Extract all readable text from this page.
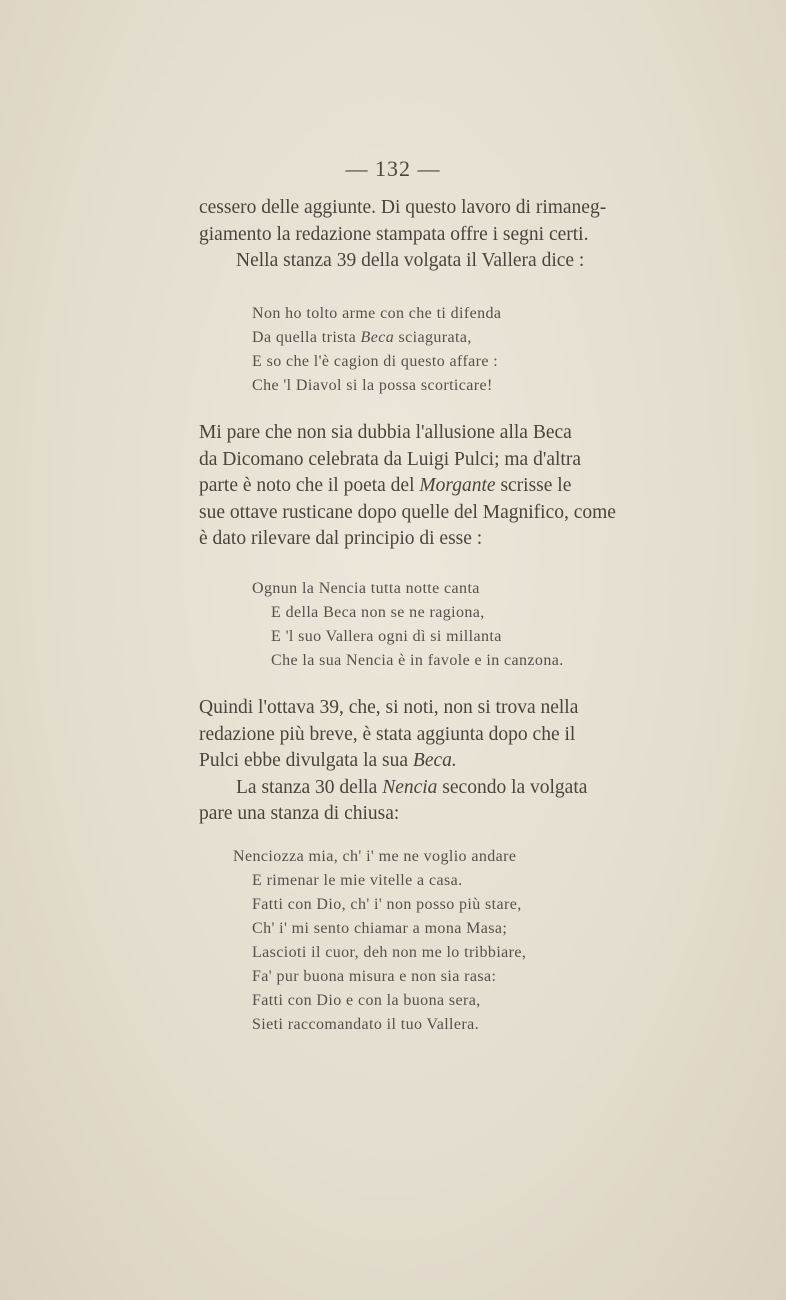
— 132 —

cessero delle aggiunte. Di questo lavoro di rimaneg-

giamento la redazione stampata offre i segni certi.

Nella stanza 39 della volgata il Vallera dice :

Non ho tolto arme con che ti difenda
Da quella trista Beca sciagurata,
E so che l'è cagion di questo affare :
Che 'l Diavol si la possa scorticare!

Mi pare che non sia dubbia l'allusione alla Beca

da Dicomano celebrata da Luigi Pulci; ma d'altra

parte è noto che il poeta del Morgante scrisse le

sue ottave rusticane dopo quelle del Magnifico, come

è dato rilevare dal principio di esse :

Ognun la Nencia tutta notte canta
E della Beca non se ne ragiona,
E 'l suo Vallera ogni dì si millanta
Che la sua Nencia è in favole e in canzona.

Quindi l'ottava 39, che, si noti, non si trova nella

redazione più breve, è stata aggiunta dopo che il

Pulci ebbe divulgata la sua Beca.

La stanza 30 della Nencia secondo la volgata

pare una stanza di chiusa:

Nenciozza mia, ch' i' me ne voglio andare
E rimenar le mie vitelle a casa.
Fatti con Dio, ch' i' non posso più stare,
Ch' i' mi sento chiamar a mona Masa;
Lascioti il cuor, deh non me lo tribbiare,
Fa' pur buona misura e non sia rasa:
Fatti con Dio e con la buona sera,
Sieti raccomandato il tuo Vallera.
